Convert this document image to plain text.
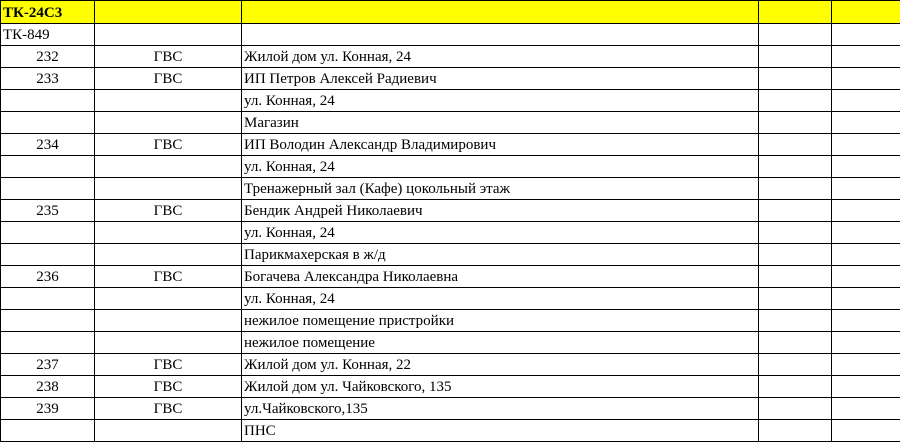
ТК-24С3				
ТК-849				
232	ГВС	Жилой дом ул. Конная, 24		
233	ГВС	ИП Петров Алексей Радиевич		
		ул. Конная, 24		
		Магазин		
234	ГВС	ИП Володин Александр Владимирович		
		ул. Конная, 24		
		Тренажерный зал (Кафе) цокольный этаж		
235	ГВС	Бендик Андрей Николаевич		
		ул. Конная, 24		
		Парикмахерская в ж/д		
236	ГВС	Богачева Александра Николаевна		
		ул. Конная, 24		
		нежилое помещение пристройки		
		нежилое помещение		
237	ГВС	Жилой дом ул. Конная, 22		
238	ГВС	Жилой дом ул. Чайковского, 135		
239	ГВС	ул.Чайковского,135		
		ПНС		
